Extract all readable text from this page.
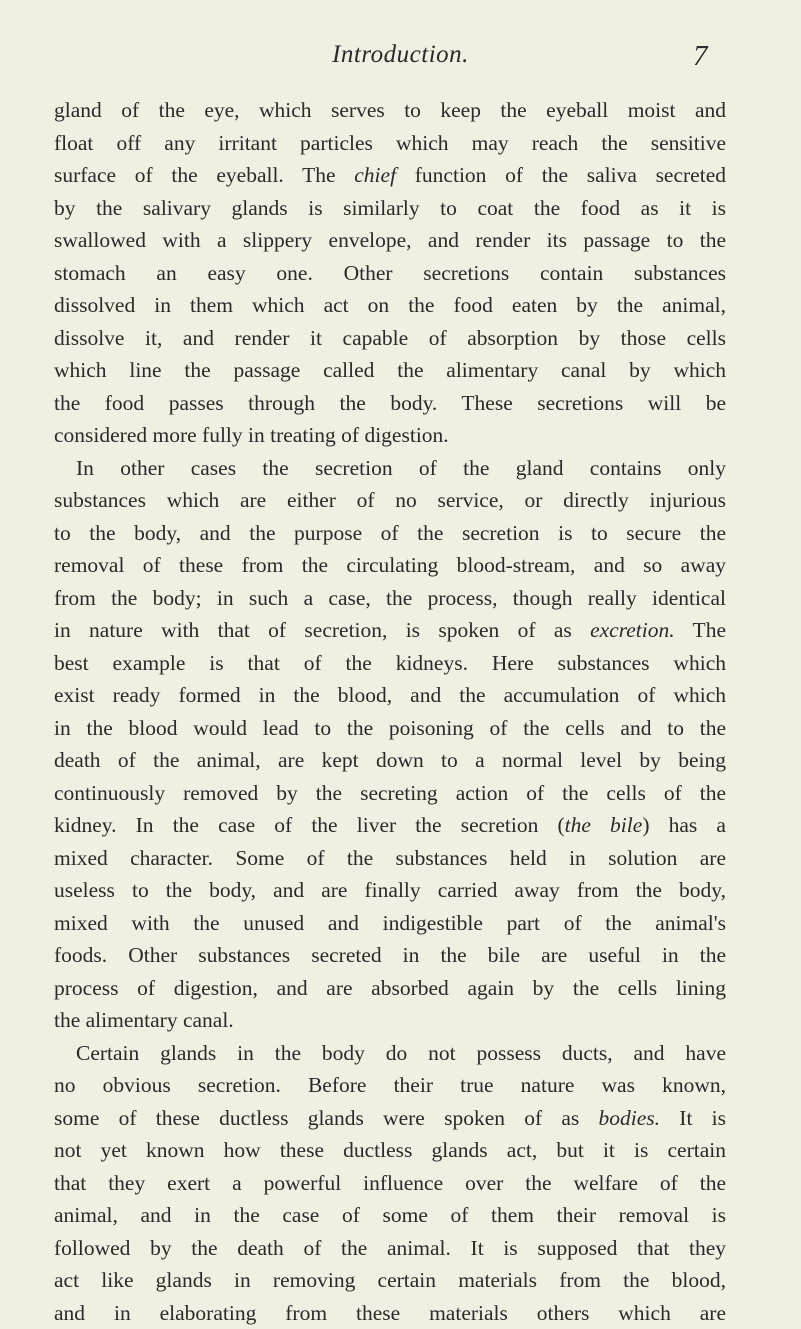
Introduction.	7
gland of the eye, which serves to keep the eyeball moist and
float off any irritant particles which may reach the sensitive
surface of the eyeball. The chief function of the saliva secreted
by the salivary glands is similarly to coat the food as it is
swallowed with a slippery envelope, and render its passage to the
stomach an easy one. Other secretions contain substances
dissolved in them which act on the food eaten by the animal,
dissolve it, and render it capable of absorption by those cells
which line the passage called the alimentary canal by which
the food passes through the body. These secretions will be
considered more fully in treating of digestion.
In other cases the secretion of the gland contains only
substances which are either of no service, or directly injurious
to the body, and the purpose of the secretion is to secure the
removal of these from the circulating blood-stream, and so away
from the body; in such a case, the process, though really identical
in nature with that of secretion, is spoken of as excretion. The
best example is that of the kidneys. Here substances which
exist ready formed in the blood, and the accumulation of which
in the blood would lead to the poisoning of the cells and to the
death of the animal, are kept down to a normal level by being
continuously removed by the secreting action of the cells of the
kidney. In the case of the liver the secretion (the bile) has a
mixed character. Some of the substances held in solution are
useless to the body, and are finally carried away from the body,
mixed with the unused and indigestible part of the animal's
foods. Other substances secreted in the bile are useful in the
process of digestion, and are absorbed again by the cells lining
the alimentary canal.
Certain glands in the body do not possess ducts, and have
no obvious secretion. Before their true nature was known,
some of these ductless glands were spoken of as bodies. It is
not yet known how these ductless glands act, but it is certain
that they exert a powerful influence over the welfare of the
animal, and in the case of some of them their removal is
followed by the death of the animal. It is supposed that they
act like glands in removing certain materials from the blood,
and in elaborating from these materials others which are
